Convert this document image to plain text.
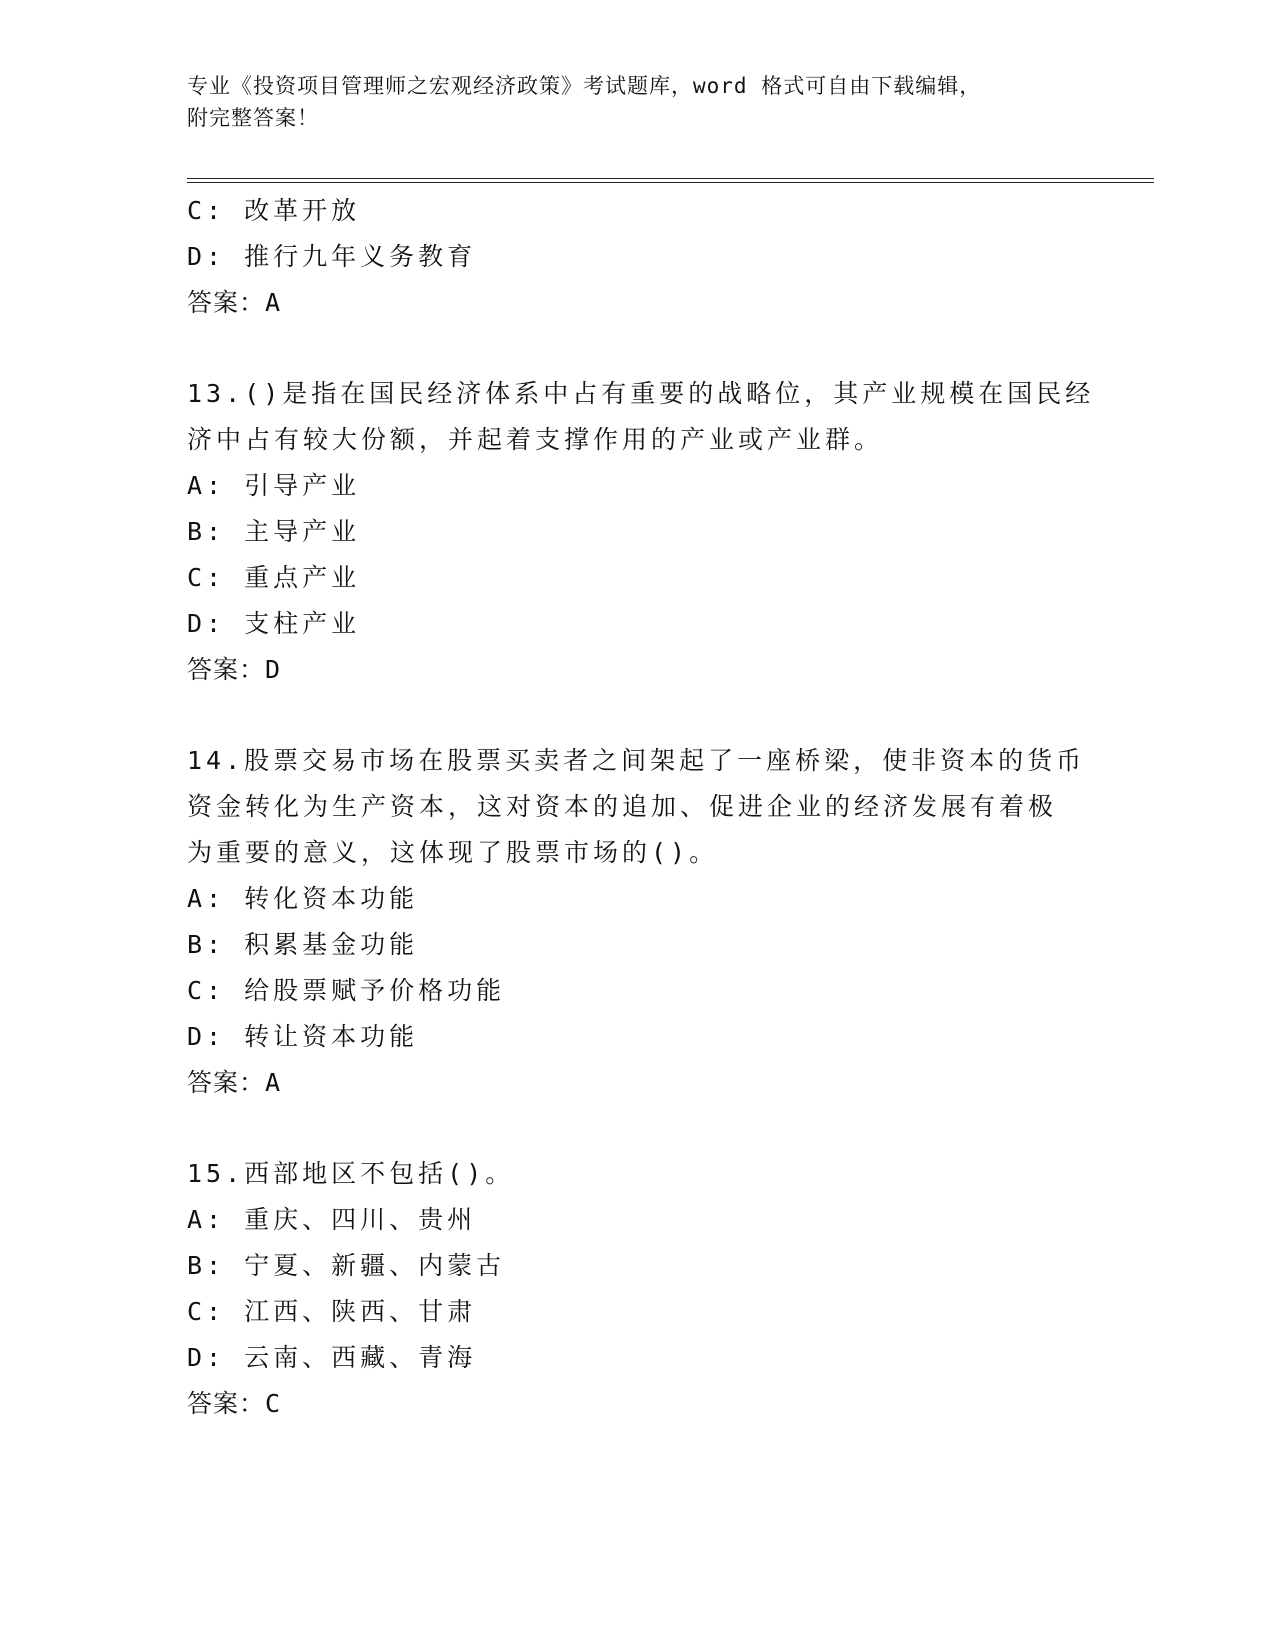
专业《投资项目管理师之宏观经济政策》考试题库，word 格式可自由下载编辑，
附完整答案！
C: 改革开放
D: 推行九年义务教育
答案：A
13.()是指在国民经济体系中占有重要的战略位，其产业规模在国民经
济中占有较大份额，并起着支撑作用的产业或产业群。
A: 引导产业
B: 主导产业
C: 重点产业
D: 支柱产业
答案：D
14.股票交易市场在股票买卖者之间架起了一座桥梁，使非资本的货币
资金转化为生产资本，这对资本的追加、促进企业的经济发展有着极
为重要的意义，这体现了股票市场的()。
A: 转化资本功能
B: 积累基金功能
C: 给股票赋予价格功能
D: 转让资本功能
答案：A
15.西部地区不包括()。
A: 重庆、四川、贵州
B: 宁夏、新疆、内蒙古
C: 江西、陕西、甘肃
D: 云南、西藏、青海
答案：C
